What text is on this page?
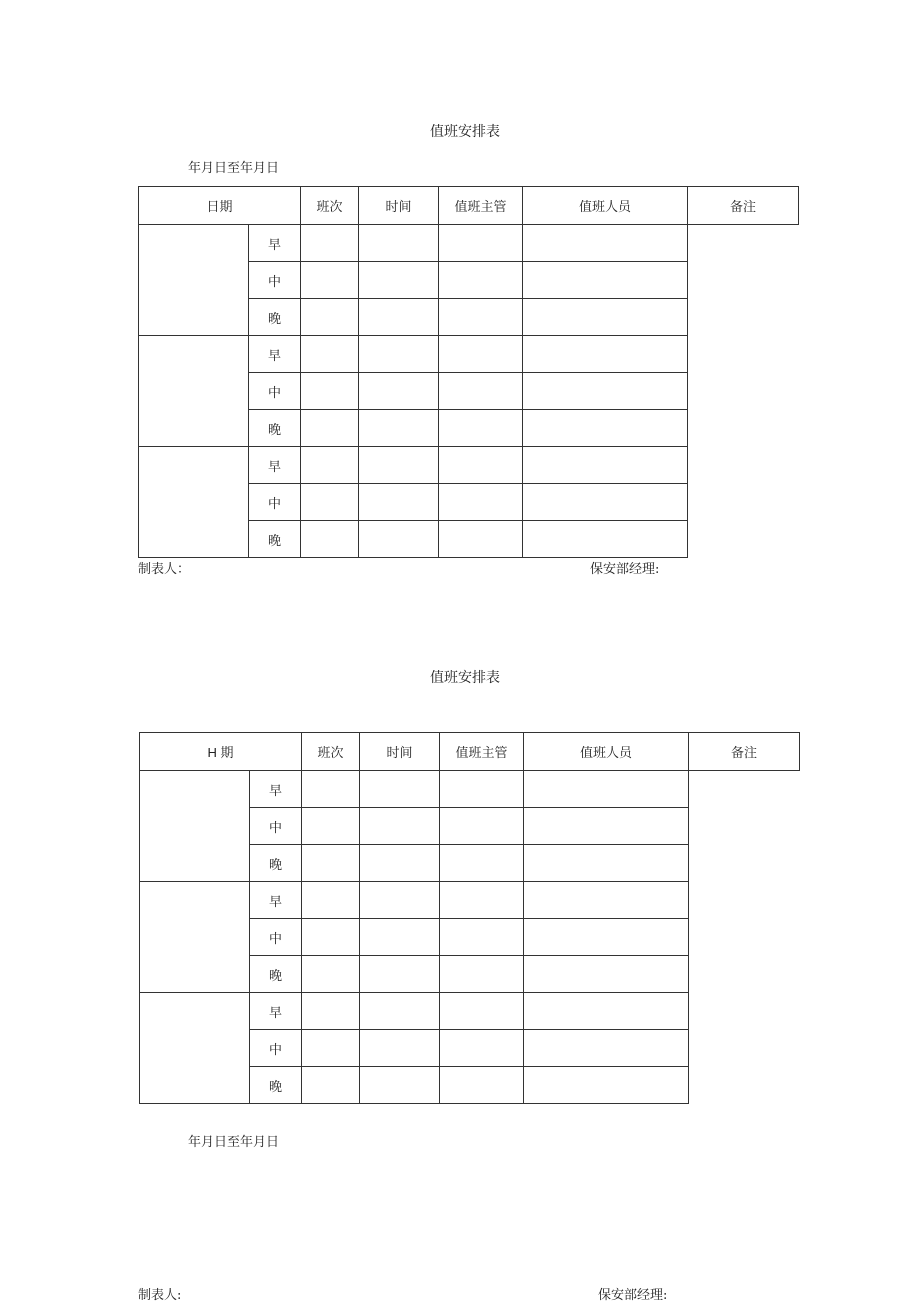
值班安排表
年月日至年月日
日期		班次	时间	值班主管	值班人员	备注
	早					
	中					
	晚					
	早					
	中					
	晚					
	早					
	中					
	晚					
制表人：	保安部经理:
值班安排表
H 期		班次	时间	值班主管	值班人员	备注
	早					
	中					
	晚					
	早					
	中					
	晚					
	早					
	中					
	晚					
年月日至年月日
制表人:	保安部经理:
